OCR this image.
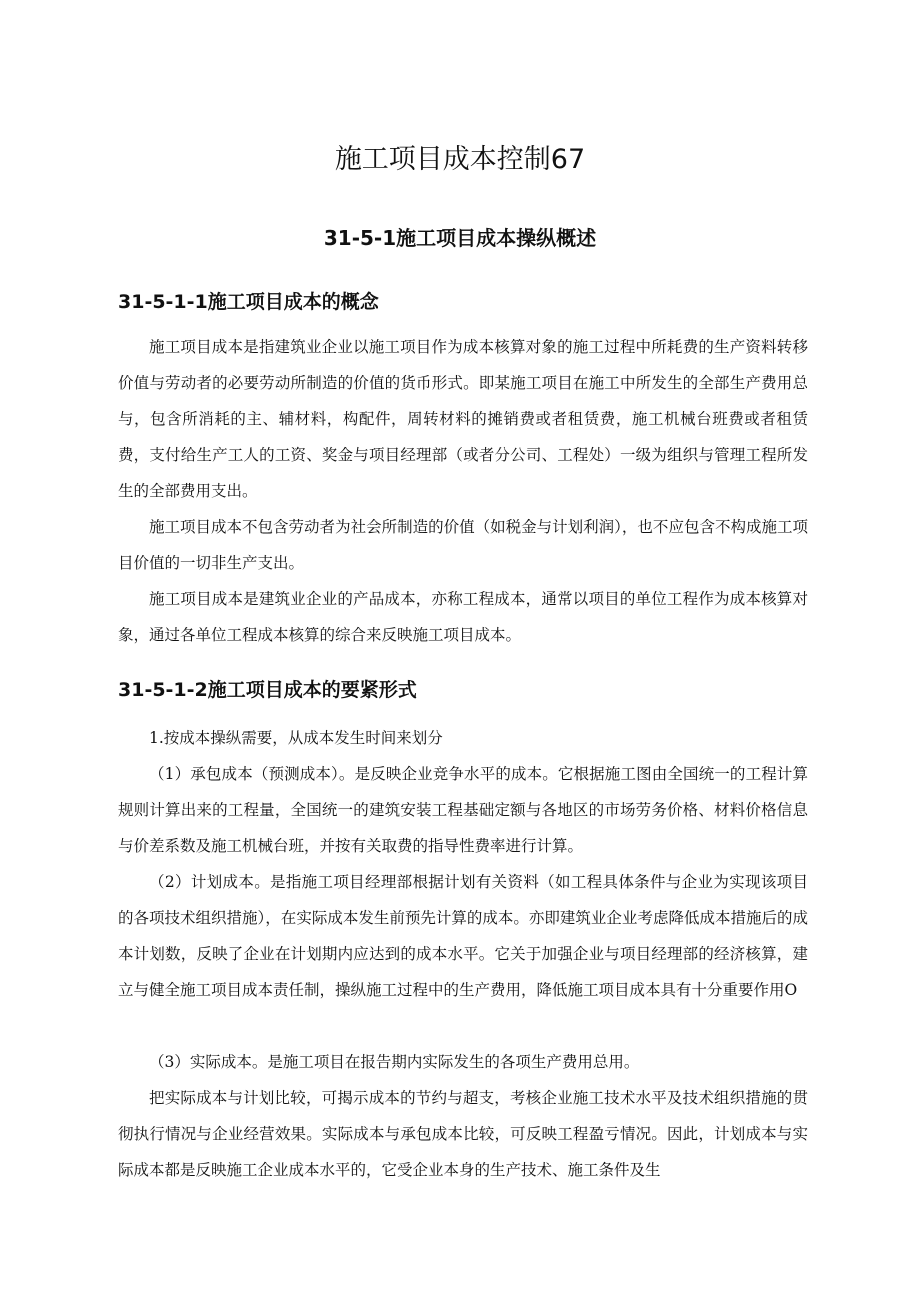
施工项目成本控制67
31-5-1施工项目成本操纵概述
31-5-1-1施工项目成本的概念

施工项目成本是指建筑业企业以施工项目作为成本核算对象的施工过程中所耗费的生产资料转移价值与劳动者的必要劳动所制造的价值的货币形式。即某施工项目在施工中所发生的全部生产费用总与，包含所消耗的主、辅材料，构配件，周转材料的摊销费或者租赁费，施工机械台班费或者租赁费，支付给生产工人的工资、奖金与项目经理部（或者分公司、工程处）一级为组织与管理工程所发生的全部费用支出。

施工项目成本不包含劳动者为社会所制造的价值（如税金与计划利润），也不应包含不构成施工项目价值的一切非生产支出。

施工项目成本是建筑业企业的产品成本，亦称工程成本，通常以项目的单位工程作为成本核算对象，通过各单位工程成本核算的综合来反映施工项目成本。

31-5-1-2施工项目成本的要紧形式

1.按成本操纵需要，从成本发生时间来划分

（1）承包成本（预测成本）。是反映企业竞争水平的成本。它根据施工图由全国统一的工程计算规则计算出来的工程量，全国统一的建筑安装工程基础定额与各地区的市场劳务价格、材料价格信息与价差系数及施工机械台班，并按有关取费的指导性费率进行计算。

（2）计划成本。是指施工项目经理部根据计划有关资料（如工程具体条件与企业为实现该项目的各项技术组织措施），在实际成本发生前预先计算的成本。亦即建筑业企业考虑降低成本措施后的成本计划数，反映了企业在计划期内应达到的成本水平。它关于加强企业与项目经理部的经济核算，建立与健全施工项目成本责任制，操纵施工过程中的生产费用，降低施工项目成本具有十分重要作用O

（3）实际成本。是施工项目在报告期内实际发生的各项生产费用总用。

把实际成本与计划比较，可揭示成本的节约与超支，考核企业施工技术水平及技术组织措施的贯彻执行情况与企业经营效果。实际成本与承包成本比较，可反映工程盈亏情况。因此，计划成本与实际成本都是反映施工企业成本水平的，它受企业本身的生产技术、施工条件及生
